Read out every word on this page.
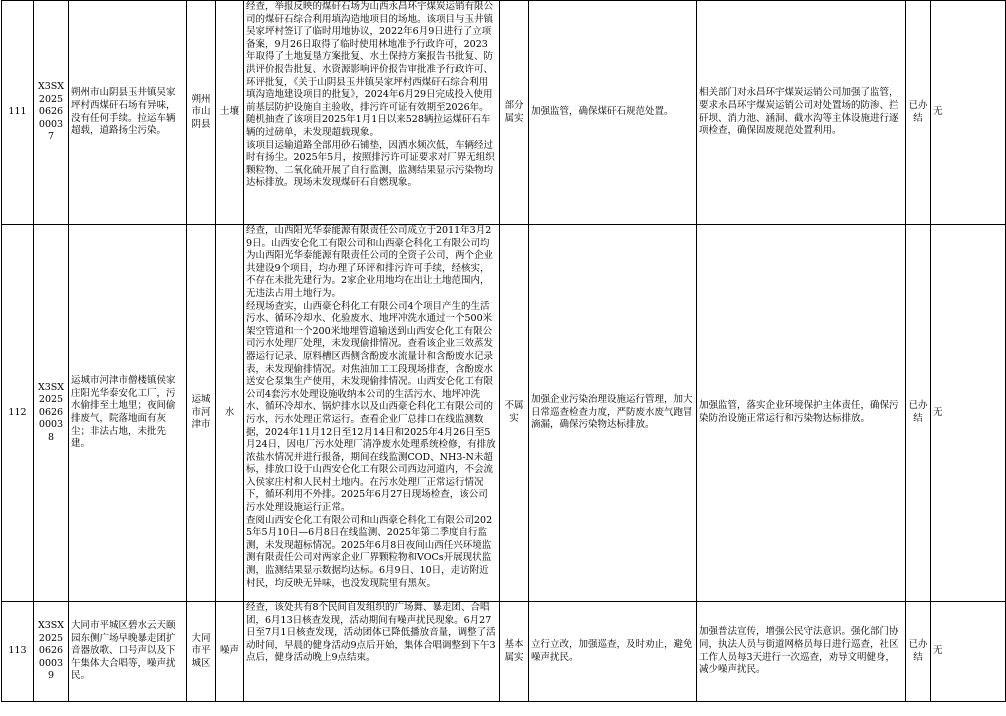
111	X3SX2025062600037	朔州市山阴县玉井镇吴家坪村西煤矸石场有异味，没有任何手续。拉运车辆超载，道路扬尘污染。	朔州市山阴县	土壤	经查，举报反映的煤矸石场为山西永昌环宇煤炭运销有限公司的煤矸石综合利用填沟造地项目的场地。该项目与玉井镇吴家坪村签订了临时用地协议，2022年6月9日进行了立项备案，9月26日取得了临时使用林地准予行政许可，2023年取得了土地复垦方案批复、水土保持方案报告书批复、防洪评价报告批复、水资源影响评价报告审批准予行政许可、环评批复，《关于山阴县玉井镇吴家坪村西煤矸石综合利用填沟造地建设项目的批复》，2024年6月29日完成投入使用前基层防护设施自主验收，排污许可证有效期至2026年。
随机抽查了该项目2025年1月1日以来528辆拉运煤矸石车辆的过磅单，未发现超载现象。
该项目运输道路全部用砂石铺垫，因洒水频次低，车辆经过时有扬尘。2025年5月，按照排污许可证要求对厂界无组织颗粒物、二氧化硫开展了自行监测，监测结果显示污染物均达标排放。现场未发现煤矸石自燃现象。	部分属实	加强监管，确保煤矸石规范处置。	相关部门对永昌环宇煤炭运销公司加强了监管，要求永昌环宇煤炭运销公司对处置场的防渗、拦矸坝、消力池、涵洞、截水沟等主体设施进行逐项检查，确保固废规范处置利用。	已办结	无
112	X3SX2025062600038	运城市河津市僧楼镇侯家庄阳光华泰安化工厂，污水偷排至土地里；夜间偷排废气，院落地面有灰尘；非法占地，未批先建。	运城市河津市	水	经查，山西阳光华泰能源有限责任公司成立于2011年3月29日。山西安仑化工有限公司和山西豪仑科化工有限公司均为山西阳光华泰能源有限责任公司的全资子公司，两个企业共建设9个项目，均办理了环评和排污许可手续，经核实，不存在未批先建行为。2家企业用地均在出让土地范围内，无违法占用土地行为。
经现场查实，山西豪仑科化工有限公司4个项目产生的生活污水、循环冷却水、化验废水、地坪冲洗水通过一个500米架空管道和一个200米地埋管道输送到山西安仑化工有限公司污水处理厂处理，未发现偷排情况。查看该企业三效蒸发器运行记录、原料槽区西侧含酚废水流量计和含酚废水记录表，未发现偷排情况。对焦油加工工段现场排查，含酚废水送安仑泵集生产使用，未发现偷排情况。山西安仑化工有限公司4套污水处理设施收纳本公司的生活污水、地坪冲洗水、循环冷却水、锅炉排水以及山西豪仑科化工有限公司的污水，污水处理正常运行。查看企业厂总排口在线监测数据，2024年11月12日至12月14日和2025年4月26日至5月24日，因电厂污水处理厂清净废水处理系统检修，有排放浓盐水情况并进行报备，期间在线监测COD、NH3-N未超标，排放口设于山西安仑化工有限公司西边河道内，不会流入侯家庄村和人民村土地内。在污水处理厂正常运行情况下，循环利用不外排。2025年6月27日现场检查，该公司污水处理设施运行正常。
查阅山西安仑化工有限公司和山西豪仑科化工有限公司2025年5月10日—6月8日在线监测、2025年第二季度自行监测，未发现超标情况。2025年6月8日夜间山西任兴环境监测有限责任公司对两家企业厂界颗粒物和VOCs开展现状监测，监测结果显示数据均达标。6月9日、10日，走访附近村民，均反映无异味，也没发现院里有黑灰。	不属实	加强企业污染治理设施运行管理，加大日常巡查检查力度，严防废水废气跑冒滴漏，确保污染物达标排放。	加强监管，落实企业环境保护主体责任，确保污染防治设施正常运行和污染物达标排放。	已办结	无
113	X3SX2025062600039	大同市平城区碧水云天颐园东侧广场早晚暴走团扩音器放歌、口号声以及下午集体大合唱等，噪声扰民。	大同市平城区	噪声	经查，该处共有8个民间自发组织的广场舞、暴走团、合唱团，6月13日核查发现，活动期间有噪声扰民现象。6月27日至7月1日核查发现，活动团体已降低播放音量，调整了活动时间，早晨的健身活动9点后开始，集体合唱调整到下午3点后，健身活动晚上9点结束。	基本属实	立行立改，加强巡查，及时劝止，避免噪声扰民。	加强普法宣传，增强公民守法意识。强化部门协同，执法人员与街道网格员每日进行巡查，社区工作人员每3天进行一次巡查，劝导文明健身，减少噪声扰民。	已办结	无
